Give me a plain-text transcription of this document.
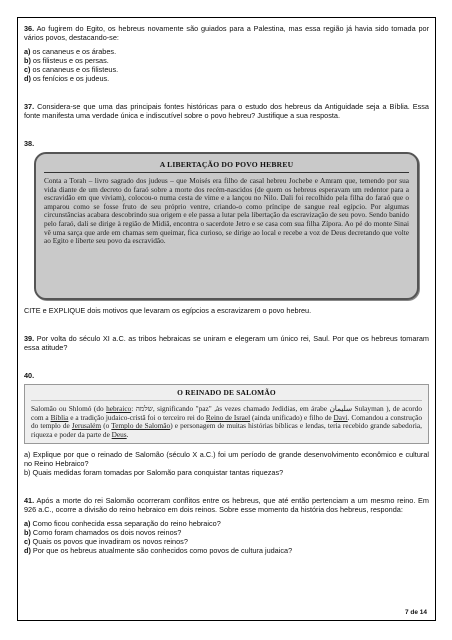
36. Ao fugirem do Egito, os hebreus novamente são guiados para a Palestina, mas essa região já havia sido tomada por vários povos, destacando-se:

a) os cananeus e os árabes.
b) os filisteus e os persas.
c) os cananeus e os filisteus.
d) os fenícios e os judeus.

37. Considera-se que uma das principais fontes históricas para o estudo dos hebreus da Antiguidade seja a Bíblia. Essa fonte manifesta uma verdade única e indiscutível sobre o povo hebreu? Justifique a sua resposta.

38.

A LIBERTAÇÃO DO POVO HEBREU
Conta a Torah – livro sagrado dos judeus – que Moisés era filho de casal hebreu Jochebe e Amram que, temendo por sua vida diante de um decreto do faraó sobre a morte dos recém-nascidos (de quem os hebreus esperavam um redentor para a escravidão em que viviam), colocou-o numa cesta de vime e a lançou no Nilo. Dali foi recolhido pela filha do faraó que o amparou como se fosse fruto de seu próprio ventre, criando-o como príncipe de sangue real egípcio. Por algumas circunstâncias acabara descobrindo sua origem e ele passa a lutar pela libertação da escravização de seu povo. Sendo banido pelo faraó, dali se dirige à região de Midiã, encontra o sacerdote Jetro e se casa com sua filha Zípora. Ao pé do monte Sinai vê uma sarça que arde em chamas sem queimar, fica curioso, se dirige ao local e recebe a voz de Deus decretando que volte ao Egito e liberte seu povo da escravidão.

CITE e EXPLIQUE dois motivos que levaram os egípcios a escravizarem o povo hebreu.

39. Por volta do século XI a.C. as tribos hebraicas se uniram e elegeram um único rei, Saul. Por que os hebreus tomaram essa atitude?

40.

O REINADO DE SALOMÃO
Salomão ou Shlomó (do hebraico: שלמה, significando "paz" ,às vezes chamado Jedidias, em árabe سليمان Sulayman ), de acordo com a Bíblia e a tradição judaico-cristã foi o terceiro rei do Reino de Israel (ainda unificado) e filho de Davi. Comandou a construção do templo de Jerusalém (o Templo de Salomão) e personagem de muitas histórias bíblicas e lendas, teria recebido grande sabedoria, riqueza e poder da parte de Deus.

a) Explique por que o reinado de Salomão (século X a.C.) foi um período de grande desenvolvimento econômico e cultural no Reino Hebraico?

b) Quais medidas foram tomadas por Salomão para conquistar tantas riquezas?

41. Após a morte do rei Salomão ocorreram conflitos entre os hebreus, que até então pertenciam a um mesmo reino. Em 926 a.C., ocorre a divisão do reino hebraico em dois reinos. Sobre esse momento da história dos hebreus, responda:

a) Como ficou conhecida essa separação do reino hebraico?
b) Como foram chamados os dois novos reinos?
c) Quais os povos que invadiram os novos reinos?
d) Por que os hebreus atualmente são conhecidos como povos de cultura judaica?
7 de 14
